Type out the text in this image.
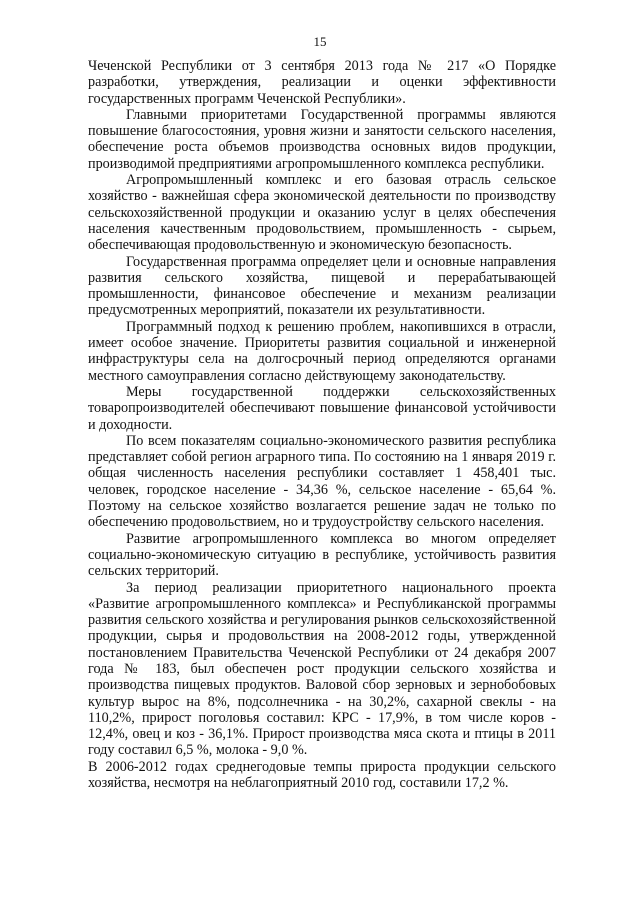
15

Чеченской Республики от 3 сентября 2013 года № 217 «О Порядке разработки, утверждения, реализации и оценки эффективности государственных программ Чеченской Республики».

Главными приоритетами Государственной программы являются повышение благосостояния, уровня жизни и занятости сельского населения, обеспечение роста объемов производства основных видов продукции, производимой предприятиями агропромышленного комплекса республики.

Агропромышленный комплекс и его базовая отрасль сельское хозяйство - важнейшая сфера экономической деятельности по производству сельскохозяйственной продукции и оказанию услуг в целях обеспечения населения качественным продовольствием, промышленность - сырьем, обеспечивающая продовольственную и экономическую безопасность.

Государственная программа определяет цели и основные направления развития сельского хозяйства, пищевой и перерабатывающей промышленности, финансовое обеспечение и механизм реализации предусмотренных мероприятий, показатели их результативности.

Программный подход к решению проблем, накопившихся в отрасли, имеет особое значение. Приоритеты развития социальной и инженерной инфраструктуры села на долгосрочный период определяются органами местного самоуправления согласно действующему законодательству.

Меры государственной поддержки сельскохозяйственных товаропроизводителей обеспечивают повышение финансовой устойчивости и доходности.

По всем показателям социально-экономического развития республика представляет собой регион аграрного типа. По состоянию на 1 января 2019 г. общая численность населения республики составляет 1 458,401 тыс. человек, городское население - 34,36 %, сельское население - 65,64 %. Поэтому на сельское хозяйство возлагается решение задач не только по обеспечению продовольствием, но и трудоустройству сельского населения.

Развитие агропромышленного комплекса во многом определяет социально-экономическую ситуацию в республике, устойчивость развития сельских территорий.

За период реализации приоритетного национального проекта «Развитие агропромышленного комплекса» и Республиканской программы развития сельского хозяйства и регулирования рынков сельскохозяйственной продукции, сырья и продовольствия на 2008-2012 годы, утвержденной постановлением Правительства Чеченской Республики от 24 декабря 2007 года № 183, был обеспечен рост продукции сельского хозяйства и производства пищевых продуктов. Валовой сбор зерновых и зернобобовых культур вырос на 8%, подсолнечника - на 30,2%, сахарной свеклы - на 110,2%, прирост поголовья составил: КРС - 17,9%, в том числе коров - 12,4%, овец и коз - 36,1%. Прирост производства мяса скота и птицы в 2011 году составил 6,5 %, молока - 9,0 %.

В 2006-2012 годах среднегодовые темпы прироста продукции сельского хозяйства, несмотря на неблагоприятный 2010 год, составили 17,2 %.
